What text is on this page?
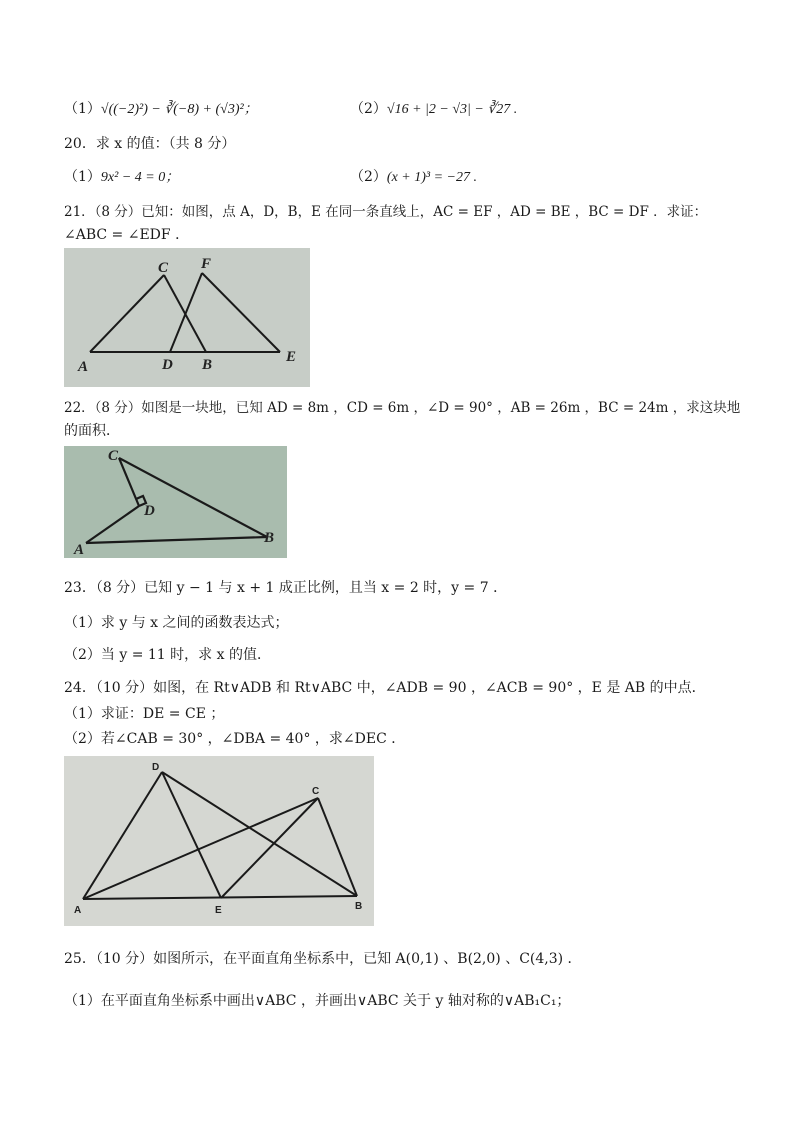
（1）√((−2)²) − ∛(−8) + (√3)²；	（2）√16 + |2 − √3| − ∛27 .
20．求 x 的值：（共 8 分）
（1）9x² − 4 = 0；	（2）(x + 1)³ = −27 .
21．（8 分）已知：如图，点 A，D，B，E 在同一条直线上，AC = EF ，AD = BE ，BC = DF ．求证：
∠ABC = ∠EDF ．
C F
A	D B	E
22．（8 分）如图是一块地，已知 AD = 8m ，CD = 6m ，∠D = 90° ，AB = 26m ，BC = 24m ，求这块地
的面积．
C
D
A
B
23．（8 分）已知 y − 1 与 x + 1 成正比例，且当 x = 2 时，y = 7 ．
（1）求 y 与 x 之间的函数表达式；
（2）当 y = 11 时，求 x 的值．
24．（10 分）如图，在 Rt∨ADB 和 Rt∨ABC 中，∠ADB = 90 ，∠ACB = 90° ，E 是 AB 的中点．
（1）求证：DE = CE ；
（2）若∠CAB = 30° ，∠DBA = 40° ，求∠DEC ．
D
C
A	E	B
25．（10 分）如图所示，在平面直角坐标系中，已知 A(0,1) 、B(2,0) 、C(4,3) ．
（1）在平面直角坐标系中画出∨ABC ，并画出∨ABC 关于 y 轴对称的∨AB₁C₁；
